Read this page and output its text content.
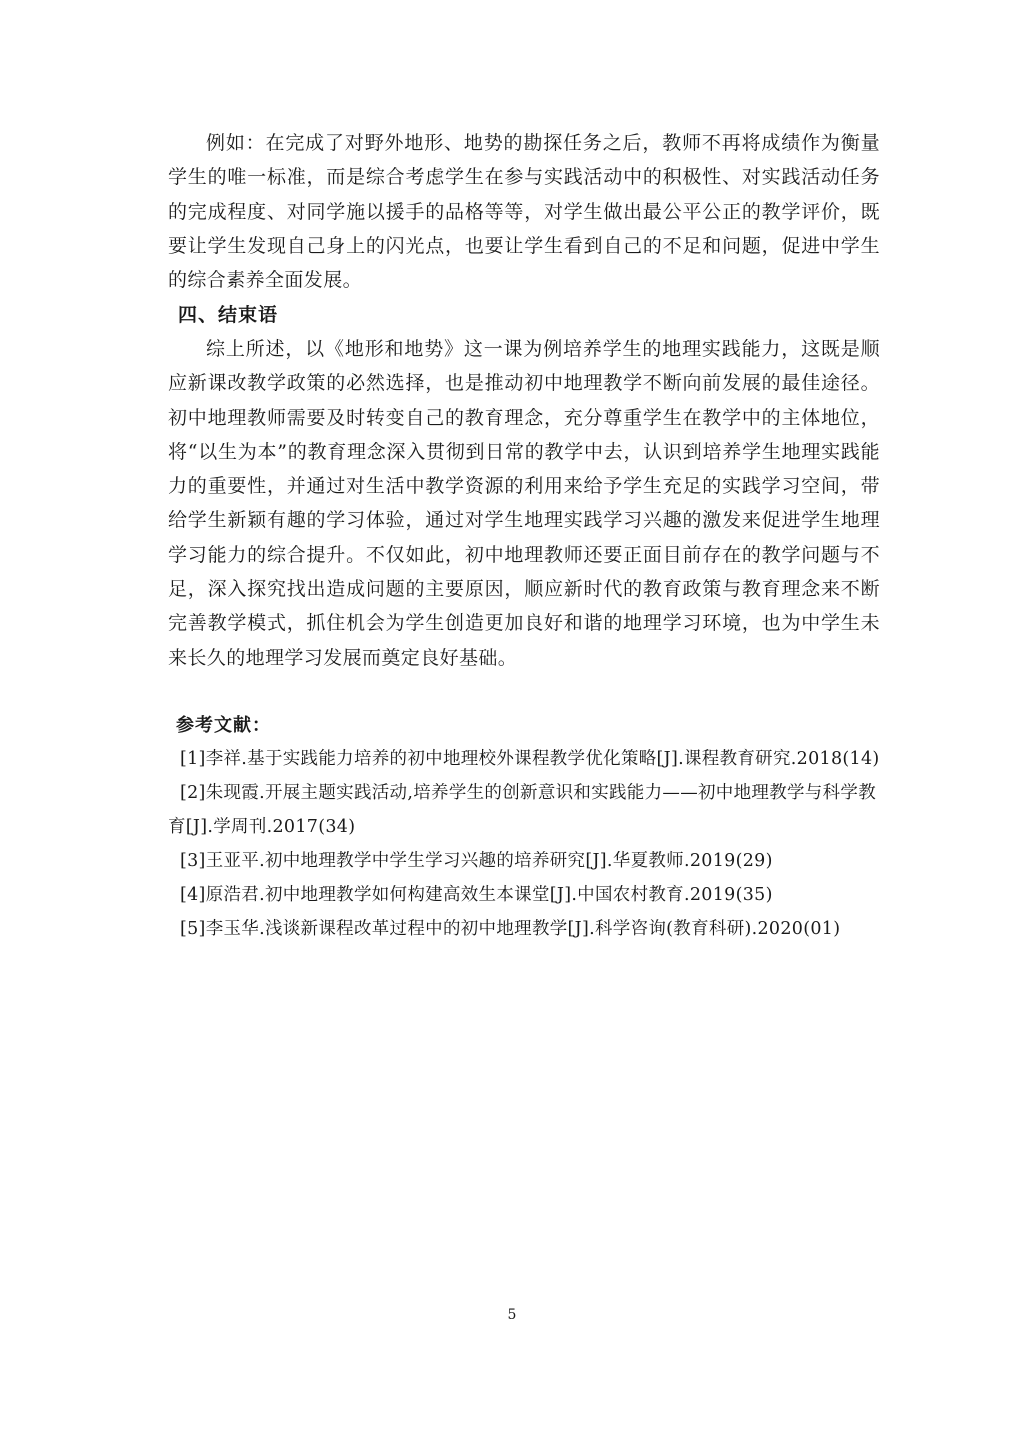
例如：在完成了对野外地形、地势的勘探任务之后，教师不再将成绩作为衡量学生的唯一标准，而是综合考虑学生在参与实践活动中的积极性、对实践活动任务的完成程度、对同学施以援手的品格等等，对学生做出最公平公正的教学评价，既要让学生发现自己身上的闪光点，也要让学生看到自己的不足和问题，促进中学生的综合素养全面发展。

四、结束语

综上所述，以《地形和地势》这一课为例培养学生的地理实践能力，这既是顺应新课改教学政策的必然选择，也是推动初中地理教学不断向前发展的最佳途径。初中地理教师需要及时转变自己的教育理念，充分尊重学生在教学中的主体地位，将“以生为本”的教育理念深入贯彻到日常的教学中去，认识到培养学生地理实践能力的重要性，并通过对生活中教学资源的利用来给予学生充足的实践学习空间，带给学生新颖有趣的学习体验，通过对学生地理实践学习兴趣的激发来促进学生地理学习能力的综合提升。不仅如此，初中地理教师还要正面目前存在的教学问题与不足，深入探究找出造成问题的主要原因，顺应新时代的教育政策与教育理念来不断完善教学模式，抓住机会为学生创造更加良好和谐的地理学习环境，也为中学生未来长久的地理学习发展而奠定良好基础。

参考文献：
[1]李祥.基于实践能力培养的初中地理校外课程教学优化策略[J].课程教育研究.2018(14)
[2]朱现霞.开展主题实践活动,培养学生的创新意识和实践能力——初中地理教学与科学教育[J].学周刊.2017(34)
[3]王亚平.初中地理教学中学生学习兴趣的培养研究[J].华夏教师.2019(29)
[4]原浩君.初中地理教学如何构建高效生本课堂[J].中国农村教育.2019(35)
[5]李玉华.浅谈新课程改革过程中的初中地理教学[J].科学咨询(教育科研).2020(01)
5
